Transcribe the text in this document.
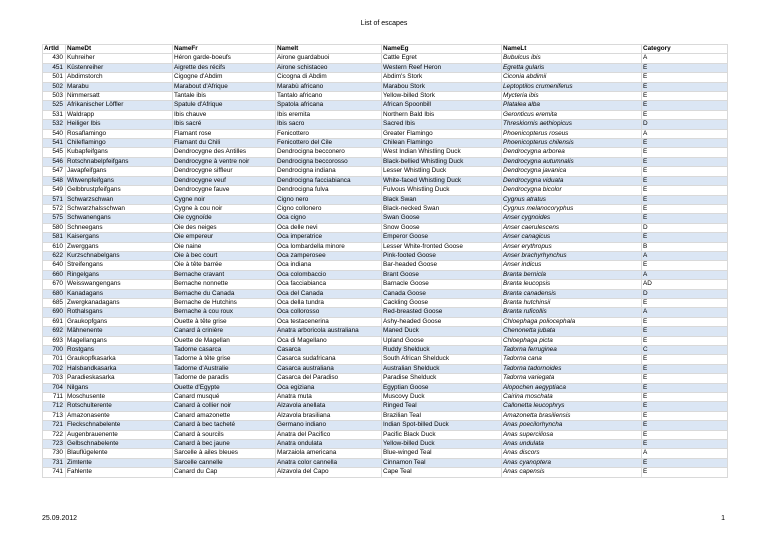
List of escapes
ArtId	NameDt	NameFr	NameIt	NameEg	NameLt	Category
430	Kuhreiher	Héron garde-boeufs	Airone guardabuoi	Cattle Egret	Bubulcus ibis	A
451	Küstenreiher	Aigrette des récifs	Airone schistaceo	Western Reef Heron	Egretta gularis	E
501	Abdimstorch	Cigogne d'Abdim	Cicogna di Abdim	Abdim's Stork	Ciconia abdimii	E
502	Marabu	Marabout d'Afrique	Marabù africano	Marabou Stork	Leptoptilos crumeniferus	E
503	Nimmersatt	Tantale ibis	Tantalo africano	Yellow-billed Stork	Mycteria ibis	E
525	Afrikanischer Löffler	Spatule d'Afrique	Spatola africana	African Spoonbill	Platalea alba	E
531	Waldrapp	Ibis chauve	Ibis eremita	Northern Bald Ibis	Geronticus eremita	E
532	Heiliger Ibis	Ibis sacré	Ibis sacro	Sacred Ibis	Threskiornis aethiopicus	D
540	Rosaflamingo	Flamant rose	Fenicottero	Greater Flamingo	Phoenicopterus roseus	A
541	Chileflamingo	Flamant du Chili	Fenicottero del Cile	Chilean Flamingo	Phoenicopterus chilensis	E
545	Kubapfeifgans	Dendrocygne des Antilles	Dendrocigna becconero	West Indian Whistling Duck	Dendrocygna arborea	E
546	Rotschnabelpfeifgans	Dendrocygne à ventre noir	Dendrocigna beccorosso	Black-bellied Whistling Duck	Dendrocygna autumnalis	E
547	Javapfeifgans	Dendrocygne siffleur	Dendrocigna indiana	Lesser Whistling Duck	Dendrocygna javanica	E
548	Witwenpfeifgans	Dendrocygne veuf	Dendrocigna facciabianca	White-faced Whistling Duck	Dendrocygna viduata	E
549	Gelbbrustpfeifgans	Dendrocygne fauve	Dendrocigna fulva	Fulvous Whistling Duck	Dendrocygna bicolor	E
571	Schwarzschwan	Cygne noir	Cigno nero	Black Swan	Cygnus atratus	E
572	Schwarzhalsschwan	Cygne à cou noir	Cigno collonero	Black-necked Swan	Cygnus melanocoryphus	E
575	Schwanengans	Oie cygnoïde	Oca cigno	Swan Goose	Anser cygnoides	E
580	Schneegans	Oie des neiges	Oca delle nevi	Snow Goose	Anser caerulescens	D
581	Kaisergans	Oie empereur	Oca imperatrice	Emperor Goose	Anser canagicus	E
610	Zwerggans	Oie naine	Oca lombardella minore	Lesser White-fronted Goose	Anser erythropus	B
622	Kurzschnabelgans	Oie à bec court	Oca zamperosee	Pink-footed Goose	Anser brachyrhynchus	A
640	Streifengans	Oie à tête barrée	Oca indiana	Bar-headed Goose	Anser indicus	E
660	Ringelgans	Bernache cravant	Oca colombaccio	Brant Goose	Branta bernicla	A
670	Weisswangengans	Bernache nonnette	Oca facciabianca	Barnacle Goose	Branta leucopsis	AD
680	Kanadagans	Bernache du Canada	Oca del Canada	Canada Goose	Branta canadensis	D
685	Zwergkanadagans	Bernache de Hutchins	Oca della tundra	Cackling Goose	Branta hutchinsii	E
690	Rothalsgans	Bernache à cou roux	Oca collorosso	Red-breasted Goose	Branta ruficollis	A
691	Graukopfgans	Ouette à tête grise	Oca testacenerina	Ashy-headed Goose	Chloephaga poliocephala	E
692	Mähnenente	Canard à crinière	Anatra arboricola australiana	Maned Duck	Chenonetta jubata	E
693	Magellangans	Ouette de Magellan	Oca di Magellano	Upland Goose	Chloephaga picta	E
700	Rostgans	Tadorne casarca	Casarca	Ruddy Shelduck	Tadorna ferruginea	C
701	Graukopfkasarka	Tadorne à tête grise	Casarca sudafricana	South African Shelduck	Tadorna cana	E
702	Halsbandkasarka	Tadorne d'Australie	Casarca australiana	Australian Shelduck	Tadorna tadornoides	E
703	Paradieskasarka	Tadorne de paradis	Casarca del Paradiso	Paradise Shelduck	Tadorna variegata	E
704	Nilgans	Ouette d'Egypte	Oca egiziana	Egyptian Goose	Alopochen aegyptiaca	E
711	Moschusente	Canard musqué	Anatra muta	Muscovy Duck	Cairina moschata	E
712	Rotschulterente	Canard à collier noir	Alzavola anellata	Ringed Teal	Callonetta leucophrys	E
713	Amazonasente	Canard amazonette	Alzavola brasiliana	Brazilian Teal	Amazonetta brasiliensis	E
721	Fleckschnabelente	Canard à bec tacheté	Germano indiano	Indian Spot-billed Duck	Anas poecilorhyncha	E
722	Augenbrauenente	Canard à sourcils	Anatra del Pacifico	Pacific Black Duck	Anas superciliosa	E
723	Gelbschnabelente	Canard à bec jaune	Anatra ondulata	Yellow-billed Duck	Anas undulata	E
730	Blauflügelente	Sarcelle à ailes bleues	Marzaiola americana	Blue-winged Teal	Anas discors	A
731	Zimtente	Sarcelle cannelle	Anatra color cannella	Cinnamon Teal	Anas cyanoptera	E
741	Fahlente	Canard du Cap	Alzavola del Capo	Cape Teal	Anas capensis	E
25.09.2012	1
